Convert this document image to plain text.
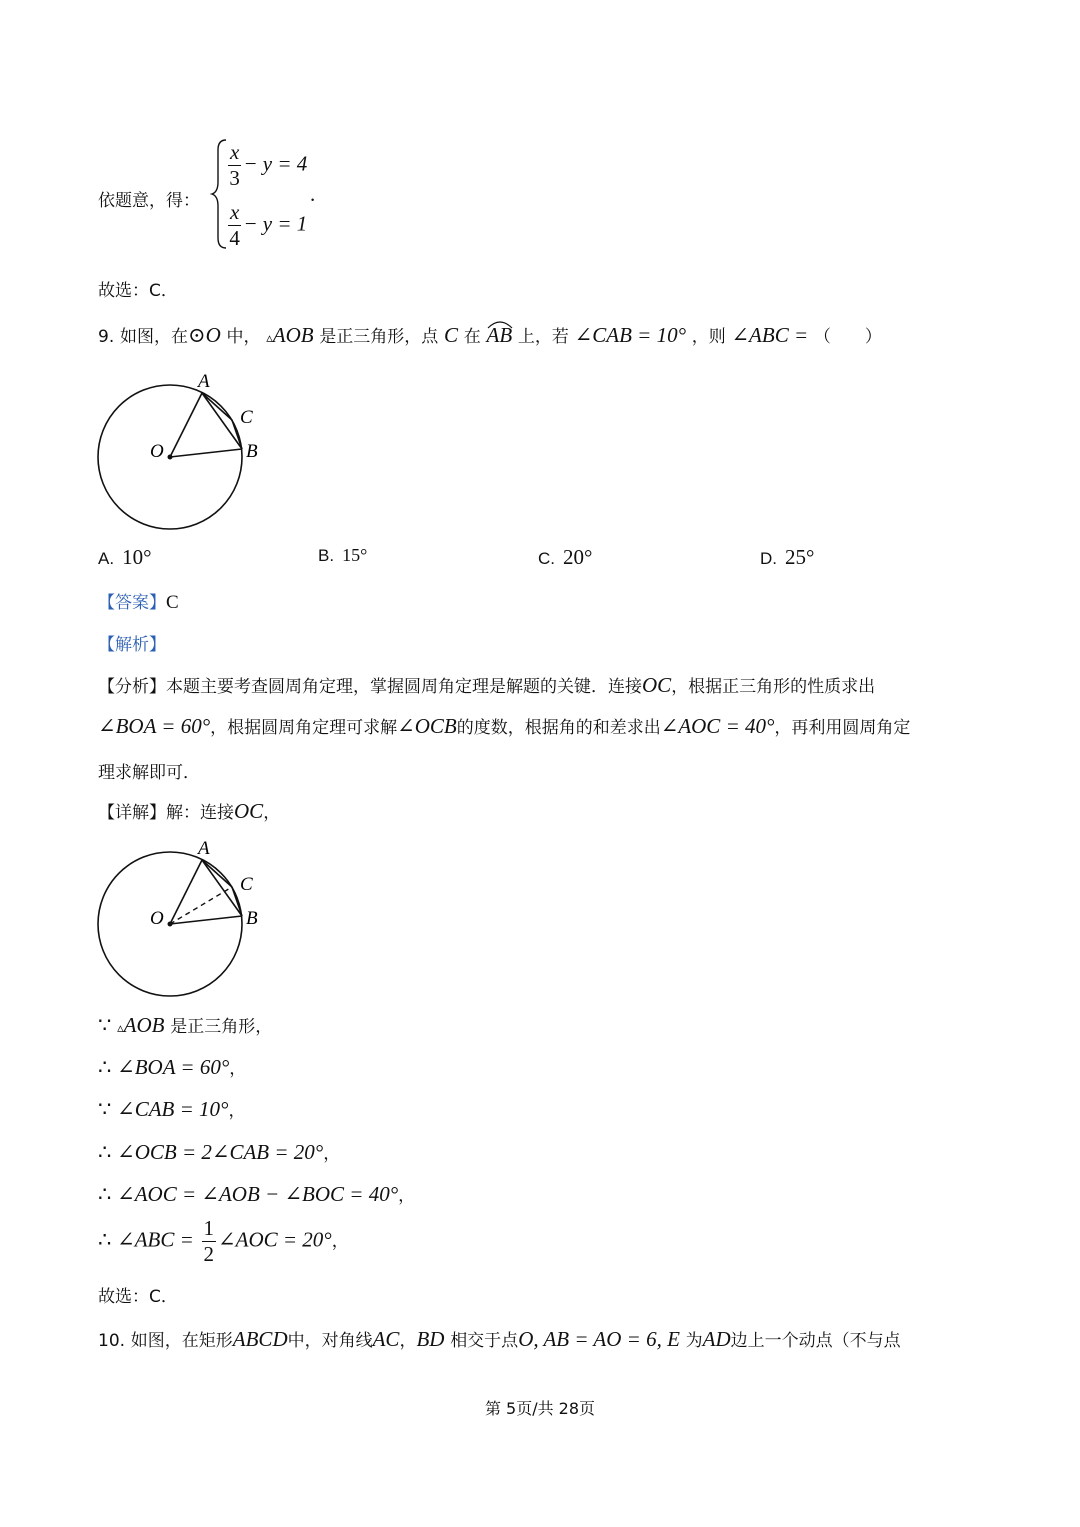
依题意，得：
$\frac{x}{3} - y = 4$
$\frac{x}{4} - y = 1$
.
故选：C．
9. 如图，在⊙O 中， ▵AOB 是正三角形，点 C 在 AB 上，若 ∠CAB = 10° ，则 ∠ABC = （　　）
A
C
B
O
A. 10°	B. 15°	C. 20°	D. 25°
【答案】C
【解析】
【分析】本题主要考查圆周角定理，掌握圆周角定理是解题的关键．连接OC，根据正三角形的性质求出
∠BOA = 60°，根据圆周角定理可求解∠OCB的度数，根据角的和差求出∠AOC = 40°，再利用圆周角定
理求解即可．
【详解】解：连接OC，
A
C
B
O
∵ ▵AOB 是正三角形，
∴ ∠BOA = 60°，
∵ ∠CAB = 10°，
∴ ∠OCB = 2∠CAB = 20°，
∴ ∠AOC = ∠AOB − ∠BOC = 40°，
∴ ∠ABC = $\frac{1}{2}$ ∠AOC = 20°，
故选：C．
10. 如图，在矩形ABCD中，对角线AC，BD 相交于点O, AB = AO = 6, E 为AD边上一个动点（不与点
第 5页/共 28页
